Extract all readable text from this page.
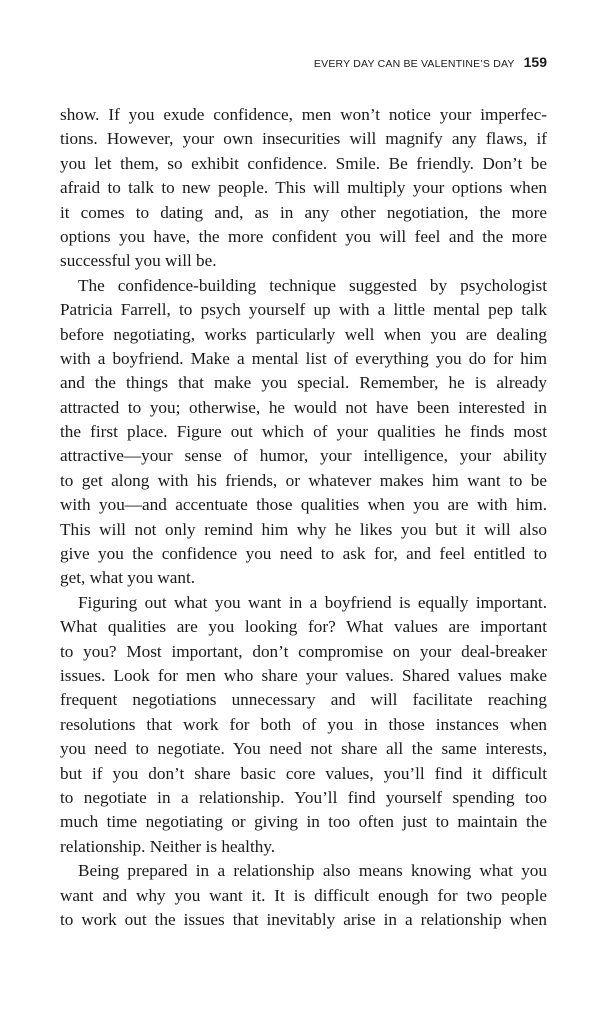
EVERY DAY CAN BE VALENTINE’S DAY 159
show. If you exude confidence, men won’t notice your imperfec-
tions. However, your own insecurities will magnify any flaws, if
you let them, so exhibit confidence. Smile. Be friendly. Don’t be
afraid to talk to new people. This will multiply your options when
it comes to dating and, as in any other negotiation, the more
options you have, the more confident you will feel and the more
successful you will be.
The confidence-building technique suggested by psychologist
Patricia Farrell, to psych yourself up with a little mental pep talk
before negotiating, works particularly well when you are dealing
with a boyfriend. Make a mental list of everything you do for him
and the things that make you special. Remember, he is already
attracted to you; otherwise, he would not have been interested in
the first place. Figure out which of your qualities he finds most
attractive—your sense of humor, your intelligence, your ability
to get along with his friends, or whatever makes him want to be
with you—and accentuate those qualities when you are with him.
This will not only remind him why he likes you but it will also
give you the confidence you need to ask for, and feel entitled to
get, what you want.
Figuring out what you want in a boyfriend is equally important.
What qualities are you looking for? What values are important
to you? Most important, don’t compromise on your deal-breaker
issues. Look for men who share your values. Shared values make
frequent negotiations unnecessary and will facilitate reaching
resolutions that work for both of you in those instances when
you need to negotiate. You need not share all the same interests,
but if you don’t share basic core values, you’ll find it difficult
to negotiate in a relationship. You’ll find yourself spending too
much time negotiating or giving in too often just to maintain the
relationship. Neither is healthy.
Being prepared in a relationship also means knowing what you
want and why you want it. It is difficult enough for two people
to work out the issues that inevitably arise in a relationship when
